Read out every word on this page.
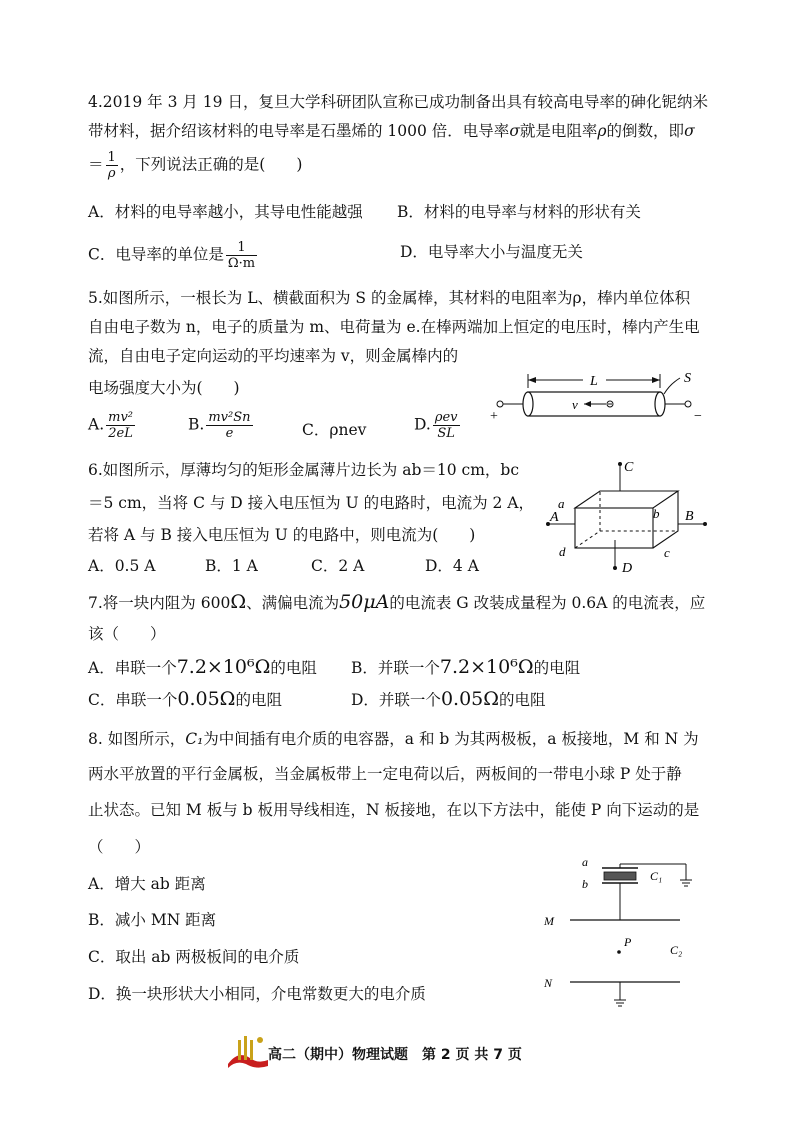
4.2019 年 3 月 19 日，复旦大学科研团队宣称已成功制备出具有较高电导率的砷化铌纳米
带材料，据介绍该材料的电导率是石墨烯的 1000 倍．电导率σ就是电阻率ρ的倒数，即σ
＝ $\frac{1}{\rho}$ ，下列说法正确的是(　　)
A．材料的电导率越小，其导电性能越强 B．材料的电导率与材料的形状有关
C．电导率的单位是 $\frac{1}{\Omega\cdot m}$	D．电导率大小与温度无关
5.如图所示，一根长为 L、横截面积为 S 的金属棒，其材料的电阻率为ρ，棒内单位体积
自由电子数为 n，电子的质量为 m、电荷量为 e.在棒两端加上恒定的电压时，棒内产生电
流，自由电子定向运动的平均速率为 v，则金属棒内的
电场强度大小为(　　)
A. $\frac{\text{mv²}}{2eL}$	B. $\frac{\text{mv²Sn}}{e}$	C．ρnev	D. $\frac{\text{ρev}}{SL}$
L
v
S
+	−
6.如图所示，厚薄均匀的矩形金属薄片边长为 ab＝10 cm，bc
＝5 cm，当将 C 与 D 接入电压恒为 U 的电路时，电流为 2 A，
若将 A 与 B 接入电压恒为 U 的电路中，则电流为(　　)
A．0.5 A	B．1 A	C．2 A	D．4 A
C
A	B
D
a
b
c
d
7.将一块内阻为 600Ω、满偏电流为50μA的电流表 G 改装成量程为 0.6A 的电流表，应
该（　　）
A．串联一个7.2×10⁶Ω的电阻 B．并联一个7.2×10⁶Ω的电阻
C．串联一个0.05Ω的电阻	D．并联一个0.05Ω的电阻
8. 如图所示，C₁为中间插有电介质的电容器，a 和 b 为其两极板，a 板接地，M 和 N 为
两水平放置的平行金属板，当金属板带上一定电荷以后，两板间的一带电小球 P 处于静
止状态。已知 M 板与 b 板用导线相连，N 板接地，在以下方法中，能使 P 向下运动的是
（　　）
A．增大 ab 距离
B．减小 MN 距离
C．取出 ab 两极板间的电介质
D．换一块形状大小相同，介电常数更大的电介质
a
b
C₁
M
P
C₂
N
高二（期中）物理试题　第 2 页 共 7 页
